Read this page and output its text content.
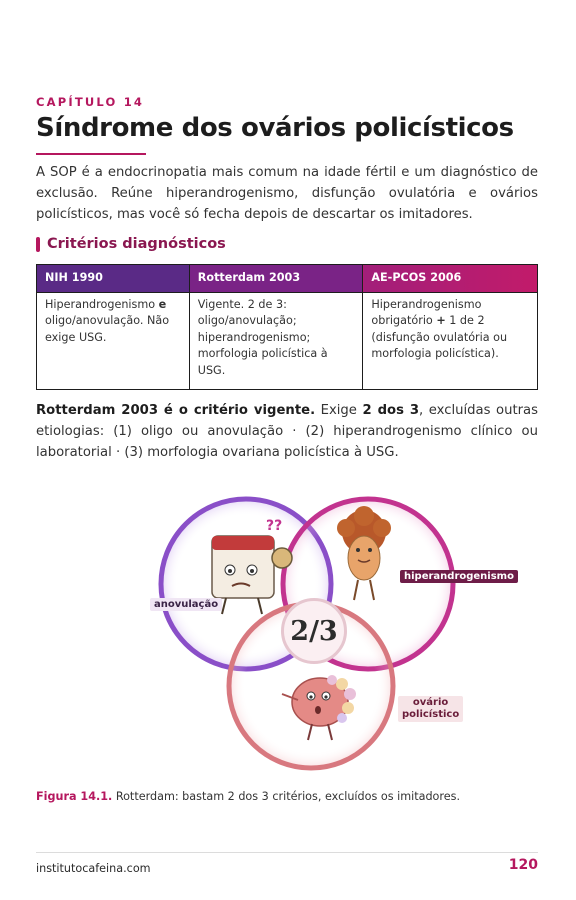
CAPÍTULO 14
Síndrome dos ovários policísticos

A SOP é a endocrinopatia mais comum na idade fértil e um diagnóstico de exclusão. Reúne hiperandrogenismo, disfunção ovulatória e ovários policísticos, mas você só fecha depois de descartar os imitadores.

Critérios diagnósticos
NIH 1990	Rotterdam 2003	AE-PCOS 2006
Hiperandrogenismo e oligo/anovulação. Não exige USG.	Vigente. 2 de 3: oligo/anovulação; hiperandrogenismo; morfologia policística à USG.	Hiperandrogenismo obrigatório + 1 de 2 (disfunção ovulatória ou morfologia policística).

Rotterdam 2003 é o critério vigente. Exige 2 dos 3, excluídas outras etiologias: (1) oligo ou anovulação · (2) hiperandrogenismo clínico ou laboratorial · (3) morfologia ovariana policística à USG.

??
anovulação
hiperandrogenismo
ovário
policístico
2/3
Figura 14.1. Rotterdam: bastam 2 dos 3 critérios, excluídos os imitadores.
institutocafeina.com	120
